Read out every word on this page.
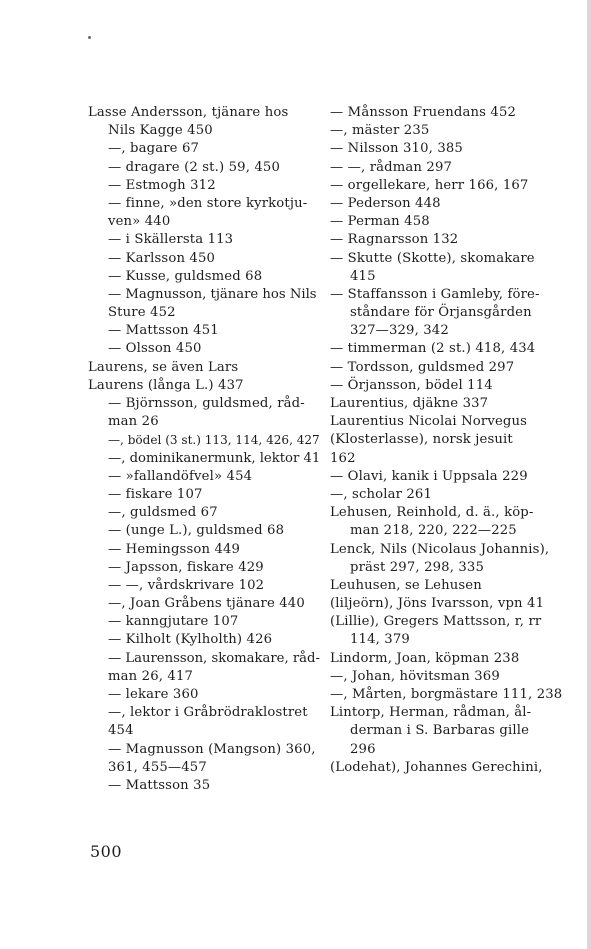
Lasse Andersson, tjänare hos
Nils Kagge 450
—, bagare 67
— dragare (2 st.) 59, 450
— Estmogh 312
— finne, »den store kyrkotju-
ven» 440
— i Skällersta 113
— Karlsson 450
— Kusse, guldsmed 68
— Magnusson, tjänare hos Nils
Sture 452
— Mattsson 451
— Olsson 450
Laurens, se även Lars
Laurens (långa L.) 437
— Björnsson, guldsmed, råd-
man 26
—, bödel (3 st.) 113, 114, 426, 427
—, dominikanermunk, lektor 41
— »fallandöfvel» 454
— fiskare 107
—, guldsmed 67
— (unge L.), guldsmed 68
— Hemingsson 449
— Japsson, fiskare 429
— —, vårdskrivare 102
—, Joan Gråbens tjänare 440
— kanngjutare 107
— Kilholt (Kylholth) 426
— Laurensson, skomakare, råd-
man 26, 417
— lekare 360
—, lektor i Gråbrödraklostret
454
— Magnusson (Mangson) 360,
361, 455—457
— Mattsson 35
— Månsson Fruendans 452
—, mäster 235
— Nilsson 310, 385
— —, rådman 297
— orgellekare, herr 166, 167
— Pederson 448
— Perman 458
— Ragnarsson 132
— Skutte (Skotte), skomakare
415
— Staffansson i Gamleby, före-
ståndare för Örjansgården
327—329, 342
— timmerman (2 st.) 418, 434
— Tordsson, guldsmed 297
— Örjansson, bödel 114
Laurentius, djäkne 337
Laurentius Nicolai Norvegus
(Klosterlasse), norsk jesuit
162
— Olavi, kanik i Uppsala 229
—, scholar 261
Lehusen, Reinhold, d. ä., köp-
man 218, 220, 222—225
Lenck, Nils (Nicolaus Johannis),
präst 297, 298, 335
Leuhusen, se Lehusen
(liljeörn), Jöns Ivarsson, vpn 41
(Lillie), Gregers Mattsson, r, rr
114, 379
Lindorm, Joan, köpman 238
—, Johan, hövitsman 369
—, Mårten, borgmästare 111, 238
Lintorp, Herman, rådman, ål-
derman i S. Barbaras gille
296
(Lodehat), Johannes Gerechini,
500
